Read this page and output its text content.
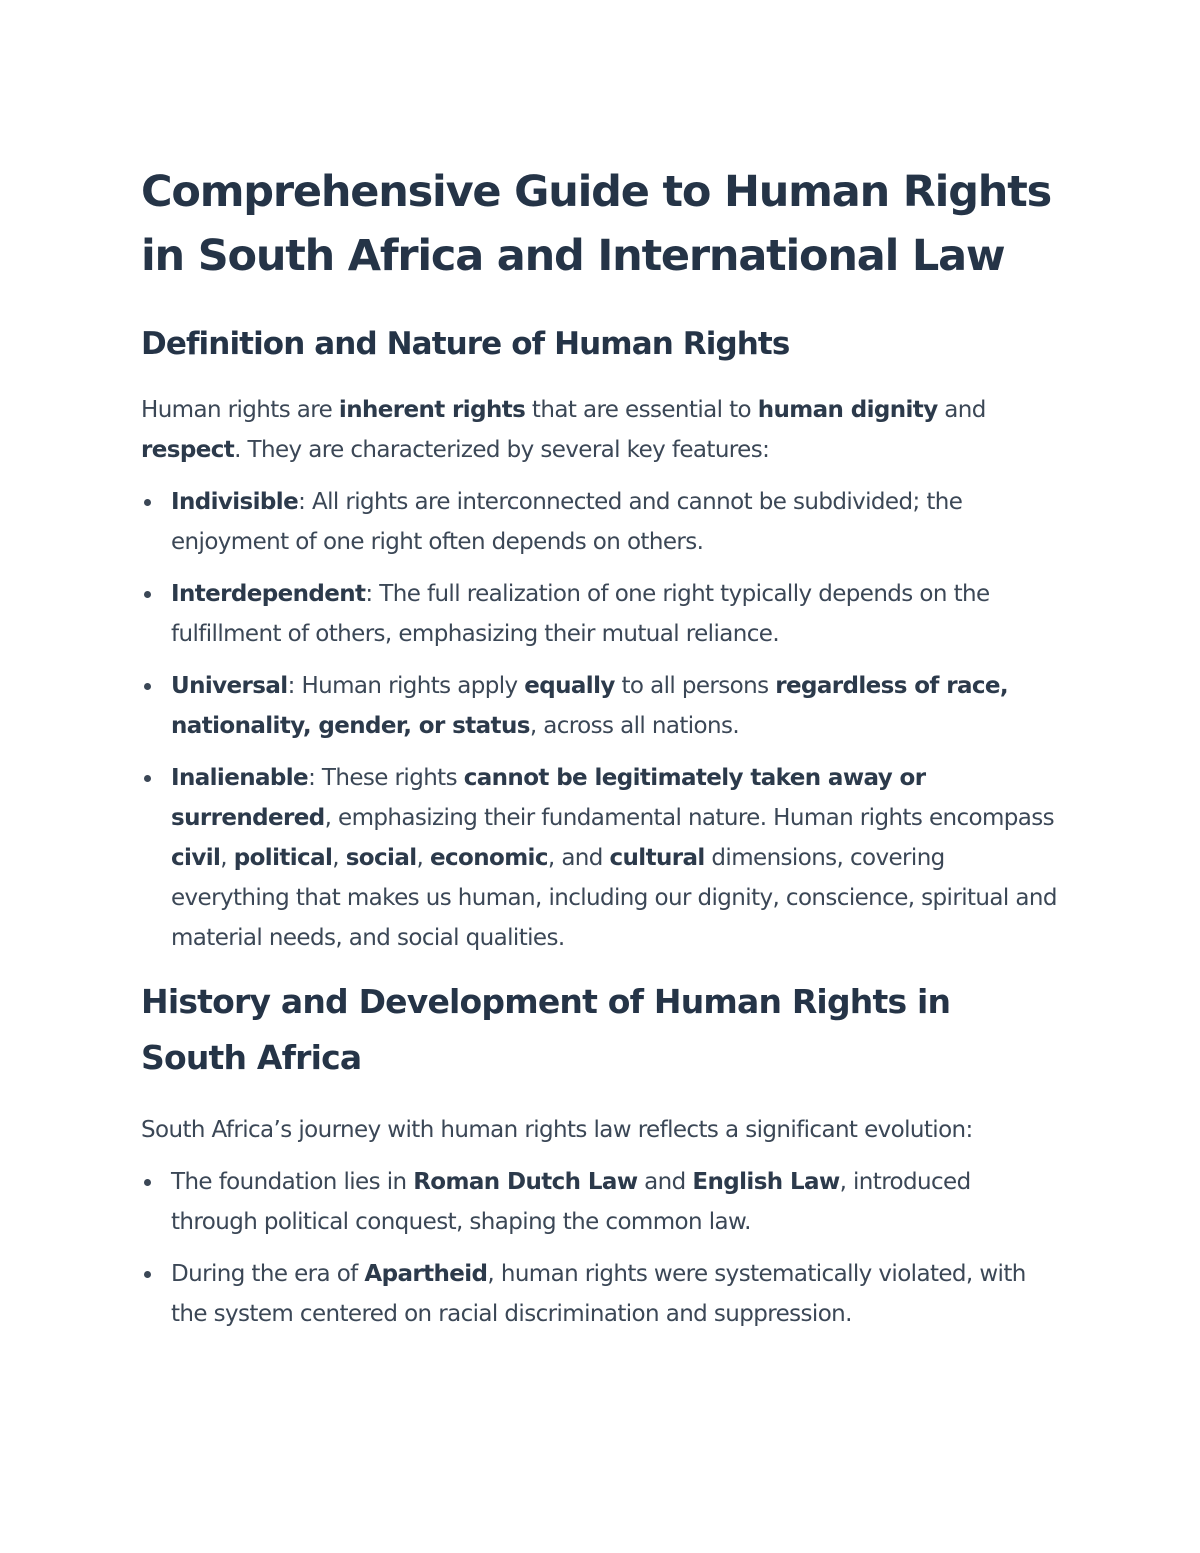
Comprehensive Guide to Human Rights in South Africa and International Law
Definition and Nature of Human Rights

Human rights are inherent rights that are essential to human dignity and respect. They are characterized by several key features:

Indivisible: All rights are interconnected and cannot be subdivided; the enjoyment of one right often depends on others.
Interdependent: The full realization of one right typically depends on the fulfillment of others, emphasizing their mutual reliance.
Universal: Human rights apply equally to all persons regardless of race, nationality, gender, or status, across all nations.
Inalienable: These rights cannot be legitimately taken away or surrendered, emphasizing their fundamental nature. Human rights encompass civil, political, social, economic, and cultural dimensions, covering everything that makes us human, including our dignity, conscience, spiritual and material needs, and social qualities.
History and Development of Human Rights in South Africa

South Africa’s journey with human rights law reflects a significant evolution:

The foundation lies in Roman Dutch Law and English Law, introduced through political conquest, shaping the common law.
During the era of Apartheid, human rights were systematically violated, with the system centered on racial discrimination and suppression.
